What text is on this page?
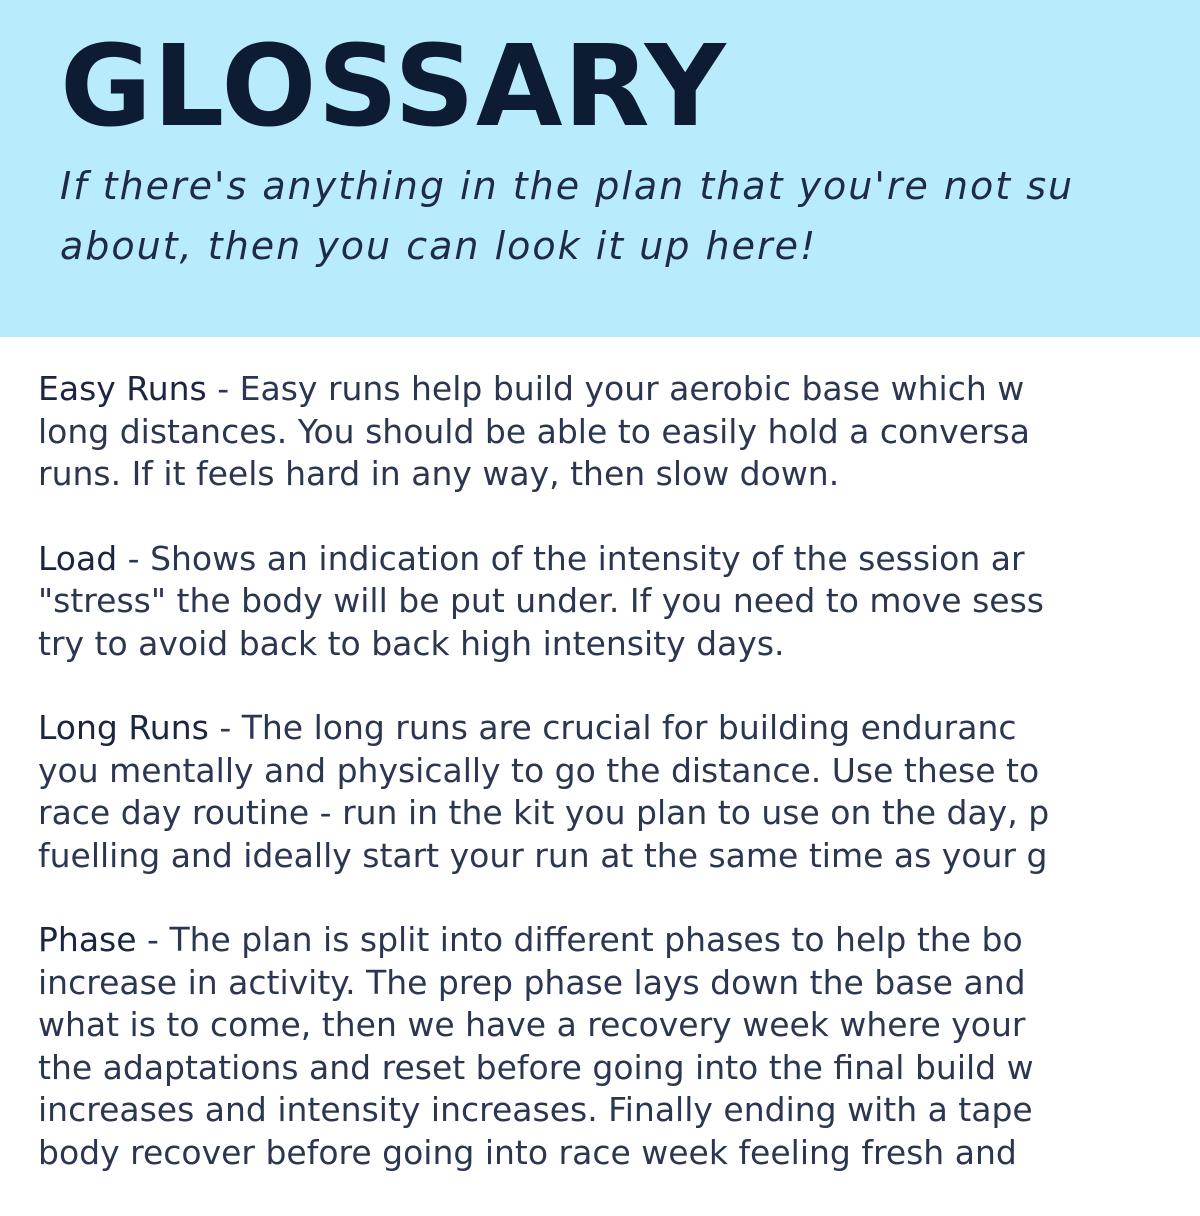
GLOSSARY
If there's anything in the plan that you're not su
about, then you can look it up here!
Easy Runs - Easy runs help build your aerobic base which w
long distances. You should be able to easily hold a conversa
runs. If it feels hard in any way, then slow down.
Load - Shows an indication of the intensity of the session ar
"stress" the body will be put under. If you need to move sess
try to avoid back to back high intensity days.
Long Runs - The long runs are crucial for building enduranc
you mentally and physically to go the distance. Use these to
race day routine - run in the kit you plan to use on the day, p
fuelling and ideally start your run at the same time as your g
Phase - The plan is split into different phases to help the bo
increase in activity. The prep phase lays down the base and
what is to come, then we have a recovery week where your
the adaptations and reset before going into the final build w
increases and intensity increases. Finally ending with a tape
body recover before going into race week feeling fresh and
